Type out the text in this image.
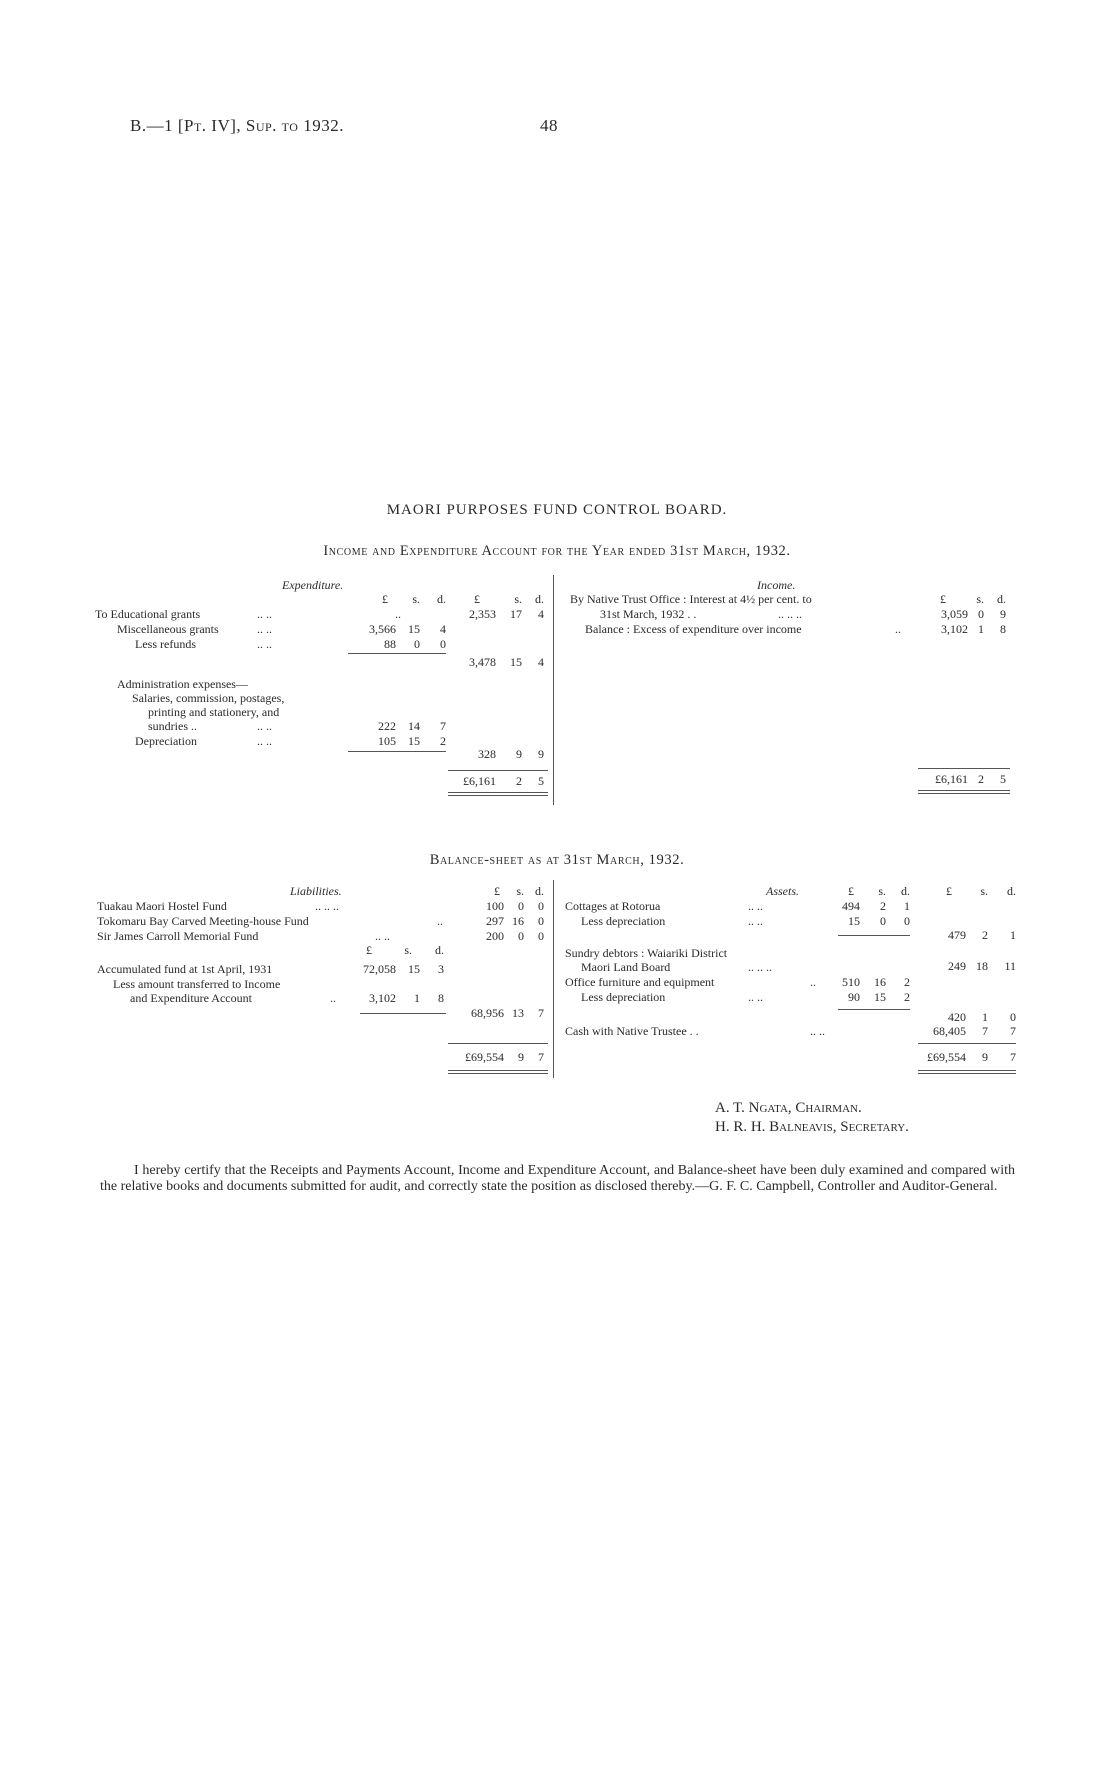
B.—1 [Pt. IV], Sup. to 1932.	48
MAORI PURPOSES FUND CONTROL BOARD.
Income and Expenditure Account for the Year ended 31st March, 1932.
Expenditure.
£	s.	d.	£	s.	d.
To Educational grants	.. ..	..	2,353	17	4
Miscellaneous grants	.. ..	3,566	15	4
Less refunds	.. ..	88	0	0
3,478	15	4
Administration expenses—
Salaries, commission, postages,
printing and stationery, and
sundries ..	.. ..	222	14	7
Depreciation	.. ..	105	15	2
328	9	9
£6,161	2	5
Income.
£	s.	d.
By Native Trust Office : Interest at 4½ per cent. to
31st March, 1932 . .	.. .. ..	3,059 0	9
Balance : Excess of expenditure over income	..	3,102 1	8
£6,161 2	5
Balance-sheet as at 31st March, 1932.
Liabilities.	£	s. d.
Tuakau Maori Hostel Fund	.. .. ..	100	0	0
Tokomaru Bay Carved Meeting-house Fund	..	297 16	0
Sir James Carroll Memorial Fund	.. ..	200	0	0
£	s.	d.
Accumulated fund at 1st April, 1931	72,058	15	3
Less amount transferred to Income
and Expenditure Account	..	3,102	1	8
68,956 13	7
£69,554	9	7
Assets.	£	s.	d.	£	s.	d.
Cottages at Rotorua	.. ..	494	2	1
Less depreciation	.. ..	15	0	0
479	2	1
Sundry debtors : Waiariki District
Maori Land Board	.. .. ..	249 18	11
Office furniture and equipment	..	510	16	2
Less depreciation	.. ..	90	15	2
420	1	0
Cash with Native Trustee . .	.. ..	68,405	7	7
£69,554	9	7
A. T. Ngata, Chairman.
H. R. H. Balneavis, Secretary.
I hereby certify that the Receipts and Payments Account, Income and Expenditure Account, and Balance-sheet have been duly examined and compared with the relative books and documents submitted for audit, and correctly state the position as disclosed thereby.—G. F. C. Campbell, Controller and Auditor-General.
